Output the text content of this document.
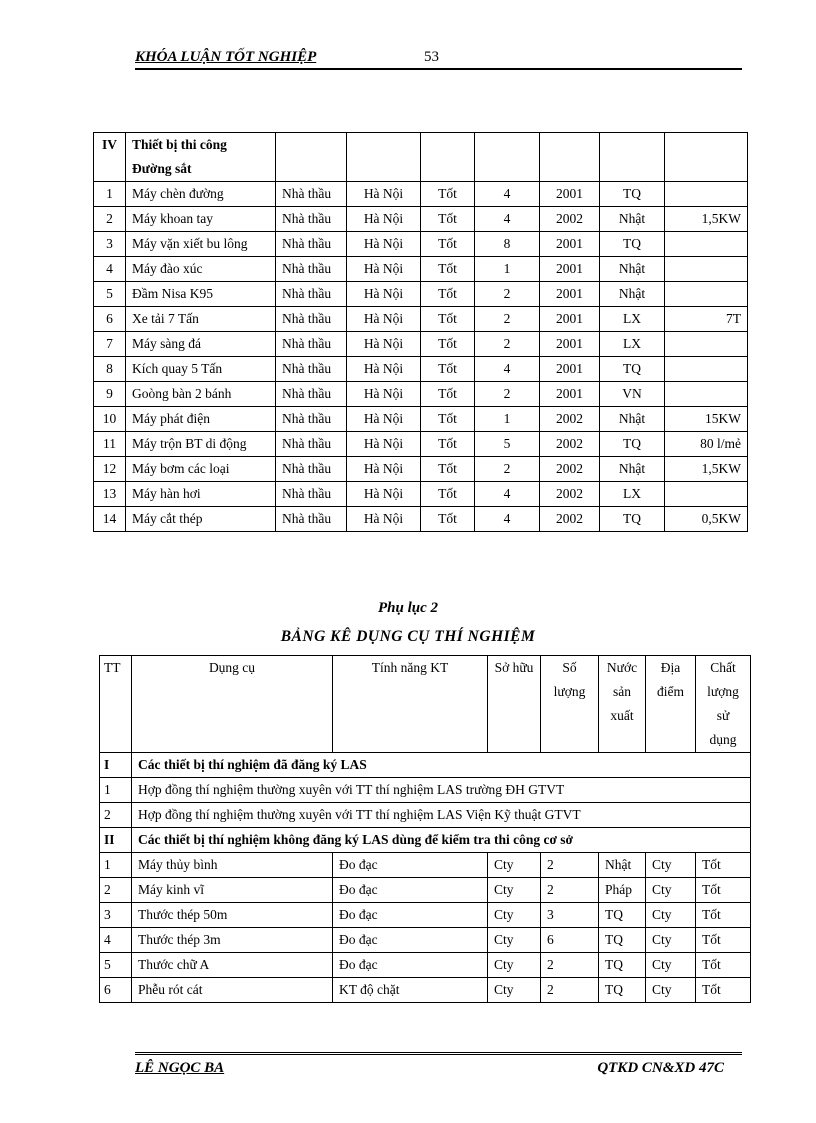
KHÓA LUẬN TỐT NGHIỆP	53
IV	Thiết bị thi công Đường sắt							
1	Máy chèn đường	Nhà thầu	Hà Nội	Tốt	4	2001	TQ	
2	Máy khoan tay	Nhà thầu	Hà Nội	Tốt	4	2002	Nhật	1,5KW
3	Máy vặn xiết bu lông	Nhà thầu	Hà Nội	Tốt	8	2001	TQ	
4	Máy đào xúc	Nhà thầu	Hà Nội	Tốt	1	2001	Nhật	
5	Đầm Nisa K95	Nhà thầu	Hà Nội	Tốt	2	2001	Nhật	
6	Xe tải 7 Tấn	Nhà thầu	Hà Nội	Tốt	2	2001	LX	7T
7	Máy sàng đá	Nhà thầu	Hà Nội	Tốt	2	2001	LX	
8	Kích quay 5 Tấn	Nhà thầu	Hà Nội	Tốt	4	2001	TQ	
9	Goòng bàn 2 bánh	Nhà thầu	Hà Nội	Tốt	2	2001	VN	
10	Máy phát điện	Nhà thầu	Hà Nội	Tốt	1	2002	Nhật	15KW
11	Máy trộn BT di động	Nhà thầu	Hà Nội	Tốt	5	2002	TQ	80 l/mẻ
12	Máy bơm các loại	Nhà thầu	Hà Nội	Tốt	2	2002	Nhật	1,5KW
13	Máy hàn hơi	Nhà thầu	Hà Nội	Tốt	4	2002	LX	
14	Máy cắt thép	Nhà thầu	Hà Nội	Tốt	4	2002	TQ	0,5KW
Phụ lục 2
BẢNG KÊ DỤNG CỤ THÍ NGHIỆM
TT	Dụng cụ	Tính năng KT	Sở hữu	Số lượng	Nước sản xuất	Địa điểm	Chất lượng sử dụng
I	Các thiết bị thí nghiệm đã đăng ký LAS						
1	Hợp đồng thí nghiệm thường xuyên với TT thí nghiệm LAS trường ĐH GTVT						
2	Hợp đồng thí nghiệm thường xuyên với TT thí nghiệm LAS Viện Kỹ thuật GTVT						
II	Các thiết bị thí nghiệm không đăng ký LAS dùng để kiểm tra thi công cơ sở						
1	Máy thủy bình	Đo đạc	Cty	2	Nhật	Cty	Tốt
2	Máy kinh vĩ	Đo đạc	Cty	2	Pháp	Cty	Tốt
3	Thước thép 50m	Đo đạc	Cty	3	TQ	Cty	Tốt
4	Thước thép 3m	Đo đạc	Cty	6	TQ	Cty	Tốt
5	Thước chữ A	Đo đạc	Cty	2	TQ	Cty	Tốt
6	Phễu rót cát	KT độ chặt	Cty	2	TQ	Cty	Tốt
LÊ NGỌC BA	QTKD CN&XD 47C
